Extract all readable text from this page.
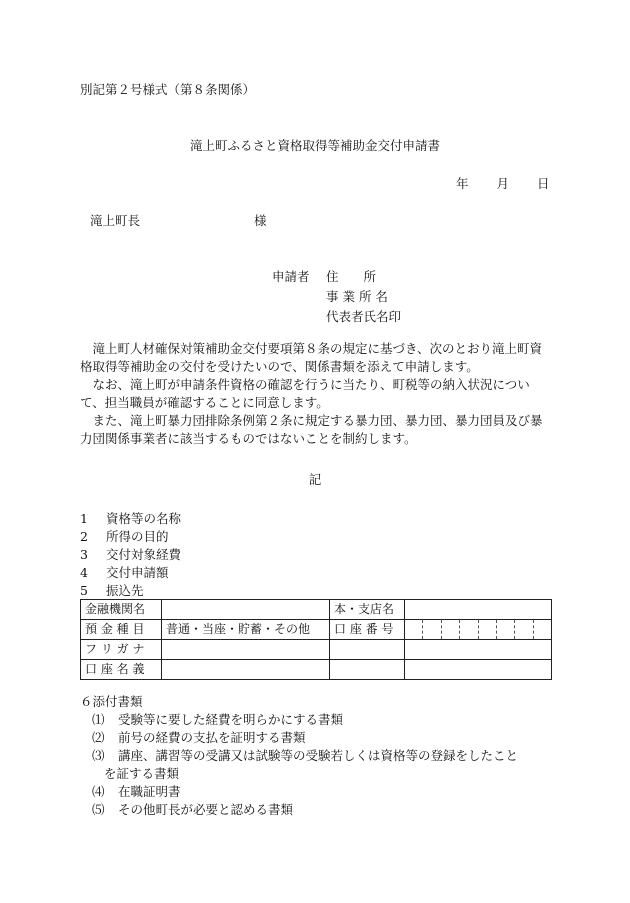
別記第２号様式（第８条関係）
滝上町ふるさと資格取得等補助金交付申請書
年 月 日
滝上町長	様
申請者 住　　所
事 業 所 名
代表者氏名印

滝上町人材確保対策補助金交付要項第８条の規定に基づき、次のとおり滝上町資格取得等補助金の交付を受けたいので、関係書類を添えて申請します。

なお、滝上町が申請条件資格の確認を行うに当たり、町税等の納入状況について、担当職員が確認することに同意します。

また、滝上町暴力団排除条例第２条に規定する暴力団、暴力団、暴力団員及び暴力団関係事業者に該当するものではないことを制約します。

記
1 資格等の名称
2 所得の目的
3 交付対象経費
4 交付申請額
5 振込先
金融機関名		本・支店名	
預 金 種 目	普通・当座・貯蓄・その他	口 座 番 号	

フ リ ガ ナ			
口 座 名 義			
６添付書類
⑴ 受験等に要した経費を明らかにする書類
⑵ 前号の経費の支払を証明する書類
⑶ 講座、講習等の受講又は試験等の受験若しくは資格等の登録をしたこと
を証する書類
⑷ 在職証明書
⑸ その他町長が必要と認める書類
